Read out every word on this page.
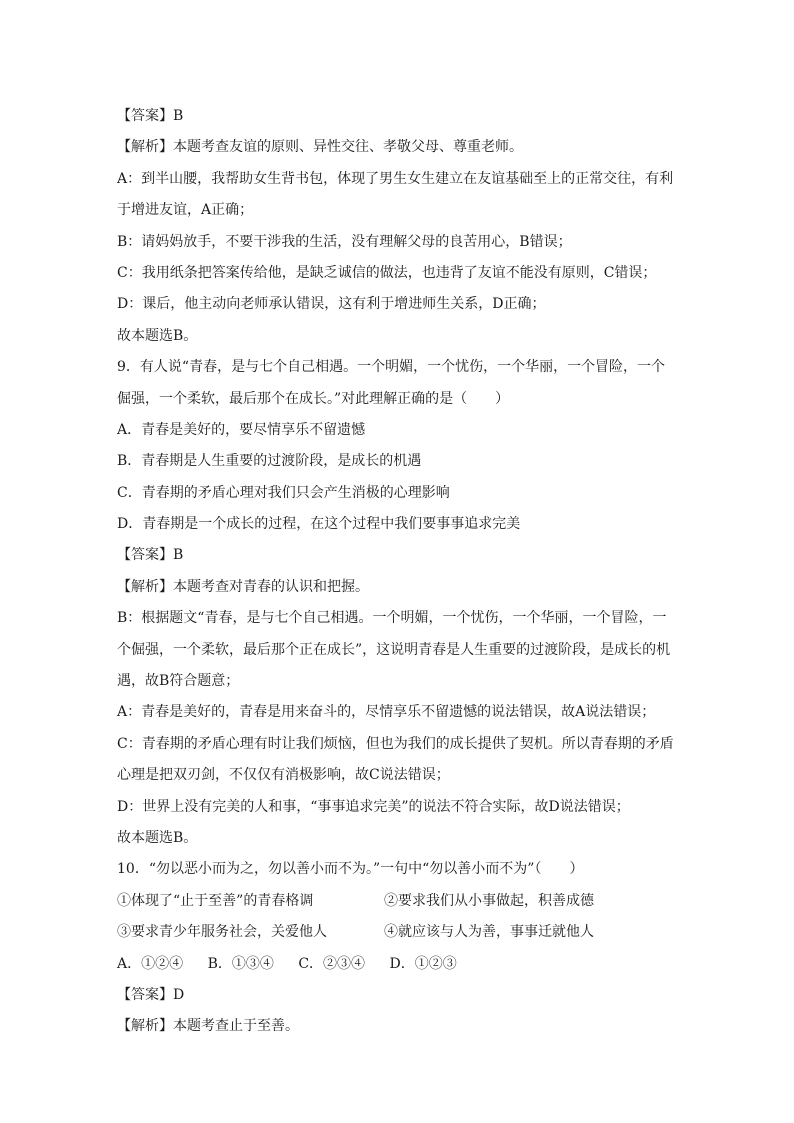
【答案】B
【解析】本题考查友谊的原则、异性交往、孝敬父母、尊重老师。
A：到半山腰，我帮助女生背书包，体现了男生女生建立在友谊基础至上的正常交往，有利
于增进友谊，A正确；
B：请妈妈放手，不要干涉我的生活，没有理解父母的良苦用心，B错误；
C：我用纸条把答案传给他，是缺乏诚信的做法，也违背了友谊不能没有原则，C错误；
D：课后，他主动向老师承认错误，这有利于增进师生关系，D正确；
故本题选B。
9．有人说“青春，是与七个自己相遇。一个明媚，一个忧伤，一个华丽，一个冒险，一个
倔强，一个柔软，最后那个在成长。”对此理解正确的是（　　）
A．青春是美好的，要尽情享乐不留遗憾
B．青春期是人生重要的过渡阶段，是成长的机遇
C．青春期的矛盾心理对我们只会产生消极的心理影响
D．青春期是一个成长的过程，在这个过程中我们要事事追求完美
【答案】B
【解析】本题考查对青春的认识和把握。
B：根据题文“青春，是与七个自己相遇。一个明媚，一个忧伤，一个华丽，一个冒险，一
个倔强，一个柔软，最后那个正在成长”，这说明青春是人生重要的过渡阶段，是成长的机
遇，故B符合题意；
A：青春是美好的，青春是用来奋斗的，尽情享乐不留遗憾的说法错误，故A说法错误；
C：青春期的矛盾心理有时让我们烦恼，但也为我们的成长提供了契机。所以青春期的矛盾
心理是把双刃剑，不仅仅有消极影响，故C说法错误；
D：世界上没有完美的人和事，“事事追求完美”的说法不符合实际，故D说法错误；
故本题选B。
10．“勿以恶小而为之，勿以善小而不为。”一句中“勿以善小而不为”（　　）
①体现了“止于至善”的青春格调	②要求我们从小事做起，积善成德
③要求青少年服务社会，关爱他人	④就应该与人为善，事事迁就他人
A．①②④ B．①③④ C．②③④ D．①②③
【答案】D
【解析】本题考查止于至善。
